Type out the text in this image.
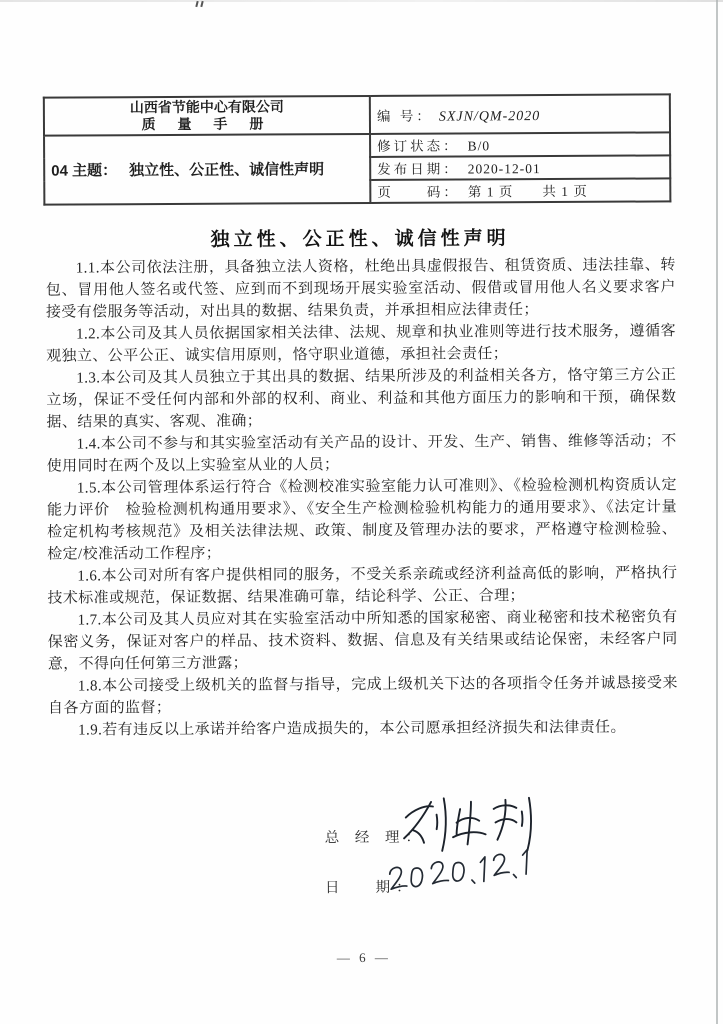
山西省节能中心有限公司
质 量 手 册	编 号： SXJN/QM-2020
04 主题： 独立性、公正性、诚信性声明	修订状态： B/0
	发布日期： 2020-12-01
	页　　码： 第 1 页　　共 1 页
独立性、公正性、诚信性声明

1.1.本公司依法注册，具备独立法人资格，杜绝出具虚假报告、租赁资质、违法挂靠、转包、冒用他人签名或代签、应到而不到现场开展实验室活动、假借或冒用他人名义要求客户接受有偿服务等活动，对出具的数据、结果负责，并承担相应法律责任；

1.2.本公司及其人员依据国家相关法律、法规、规章和执业准则等进行技术服务，遵循客观独立、公平公正、诚实信用原则，恪守职业道德，承担社会责任；

1.3.本公司及其人员独立于其出具的数据、结果所涉及的利益相关各方，恪守第三方公正立场，保证不受任何内部和外部的权利、商业、利益和其他方面压力的影响和干预，确保数据、结果的真实、客观、准确；

1.4.本公司不参与和其实验室活动有关产品的设计、开发、生产、销售、维修等活动；不使用同时在两个及以上实验室从业的人员；

1.5.本公司管理体系运行符合《检测校准实验室能力认可准则》、《检验检测机构资质认定能力评价　检验检测机构通用要求》、《安全生产检测检验机构能力的通用要求》、《法定计量检定机构考核规范》及相关法律法规、政策、制度及管理办法的要求，严格遵守检测检验、检定/校准活动工作程序；

1.6.本公司对所有客户提供相同的服务，不受关系亲疏或经济利益高低的影响，严格执行技术标准或规范，保证数据、结果准确可靠，结论科学、公正、合理；

1.7.本公司及其人员应对其在实验室活动中所知悉的国家秘密、商业秘密和技术秘密负有保密义务，保证对客户的样品、技术资料、数据、信息及有关结果或结论保密，未经客户同意，不得向任何第三方泄露；

1.8.本公司接受上级机关的监督与指导，完成上级机关下达的各项指令任务并诚恳接受来自各方面的监督；

1.9.若有违反以上承诺并给客户造成损失的，本公司愿承担经济损失和法律责任。

总 经 理：
日　 期：
— 6 —
